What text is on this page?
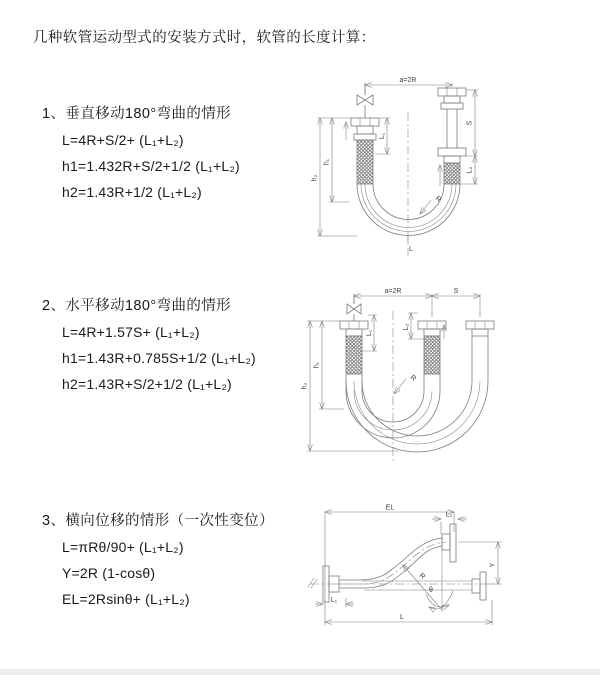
几种软管运动型式的安装方式时，软管的长度计算：
1、垂直移动180°弯曲的情形
L=4R+S/2+ (L₁+L₂)
h1=1.432R+S/2+1/2 (L₁+L₂)
h2=1.43R+1/2 (L₁+L₂)
2、水平移动180°弯曲的情形
L=4R+1.57S+ (L₁+L₂)
h1=1.43R+0.785S+1/2 (L₁+L₂)
h2=1.43R+S/2+1/2 (L₁+L₂)
3、横向位移的情形（一次性变位）
L=πRθ/90+ (L₁+L₂)
Y=2R (1-cosθ)
EL=2Rsinθ+ (L₁+L₂)
a=2R
h₂
h₁
L₁
S
L₂
R
L
a=2R	S
h₂
h₁
L₁
L₂
R
EL
L₂
Y
L
L₁
R
θ
